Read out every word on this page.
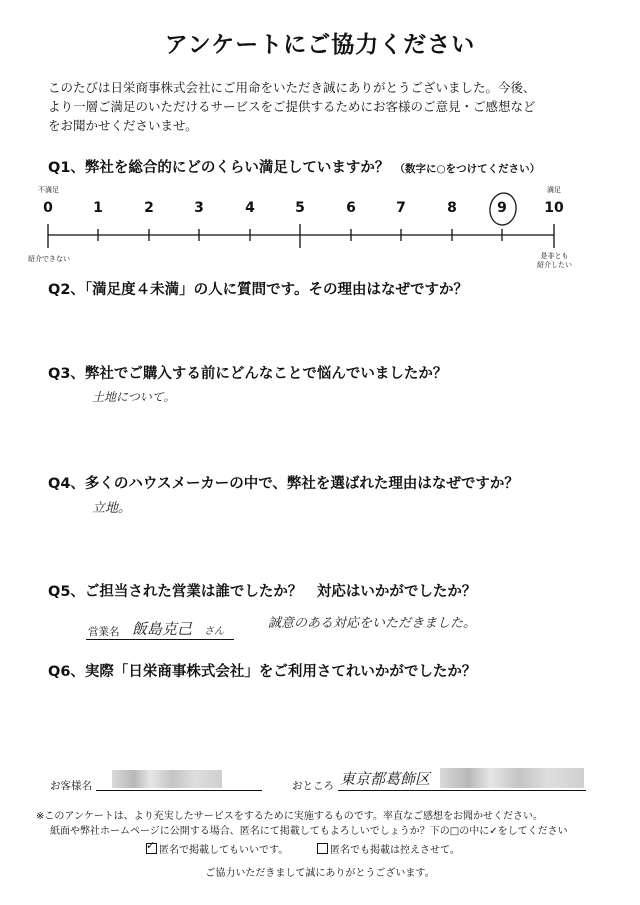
アンケートにご協力ください
このたびは日栄商事株式会社にご用命をいただき誠にありがとうございました。今後、
より一層ご満足のいただけるサービスをご提供するためにお客様のご意見・ご感想など
をお聞かせくださいませ。
Q1、弊社を総合的にどのくらい満足していますか？ （数字に○をつけてください）
不満足	満足
0	1	2	3	4	5	6	7	8	9	10
紹介できない	是非とも
紹介したい
Q2、「満足度４未満」の人に質問です。その理由はなぜですか？
Q3、弊社でご購入する前にどんなことで悩んでいましたか？
土地について。
Q4、多くのハウスメーカーの中で、弊社を選ばれた理由はなぜですか？
立地。
Q5、ご担当された営業は誰でしたか？　対応はいかがでしたか？
営業名 飯島克己 さん
誠意のある対応をいただきました。
Q6、実際「日栄商事株式会社」をご利用さてれいかがでしたか？
お客様名	おところ 東京都葛飾区
※このアンケートは、より充実したサービスをするために実施するものです。率直なご感想をお聞かせください。
紙面や弊社ホームページに公開する場合、匿名にて掲載してもよろしいでしょうか？下の□の中に✓をしてください
✓匿名で掲載してもいいです。	匿名でも掲載は控えさせて。
ご協力いただきまして誠にありがとうございます。
